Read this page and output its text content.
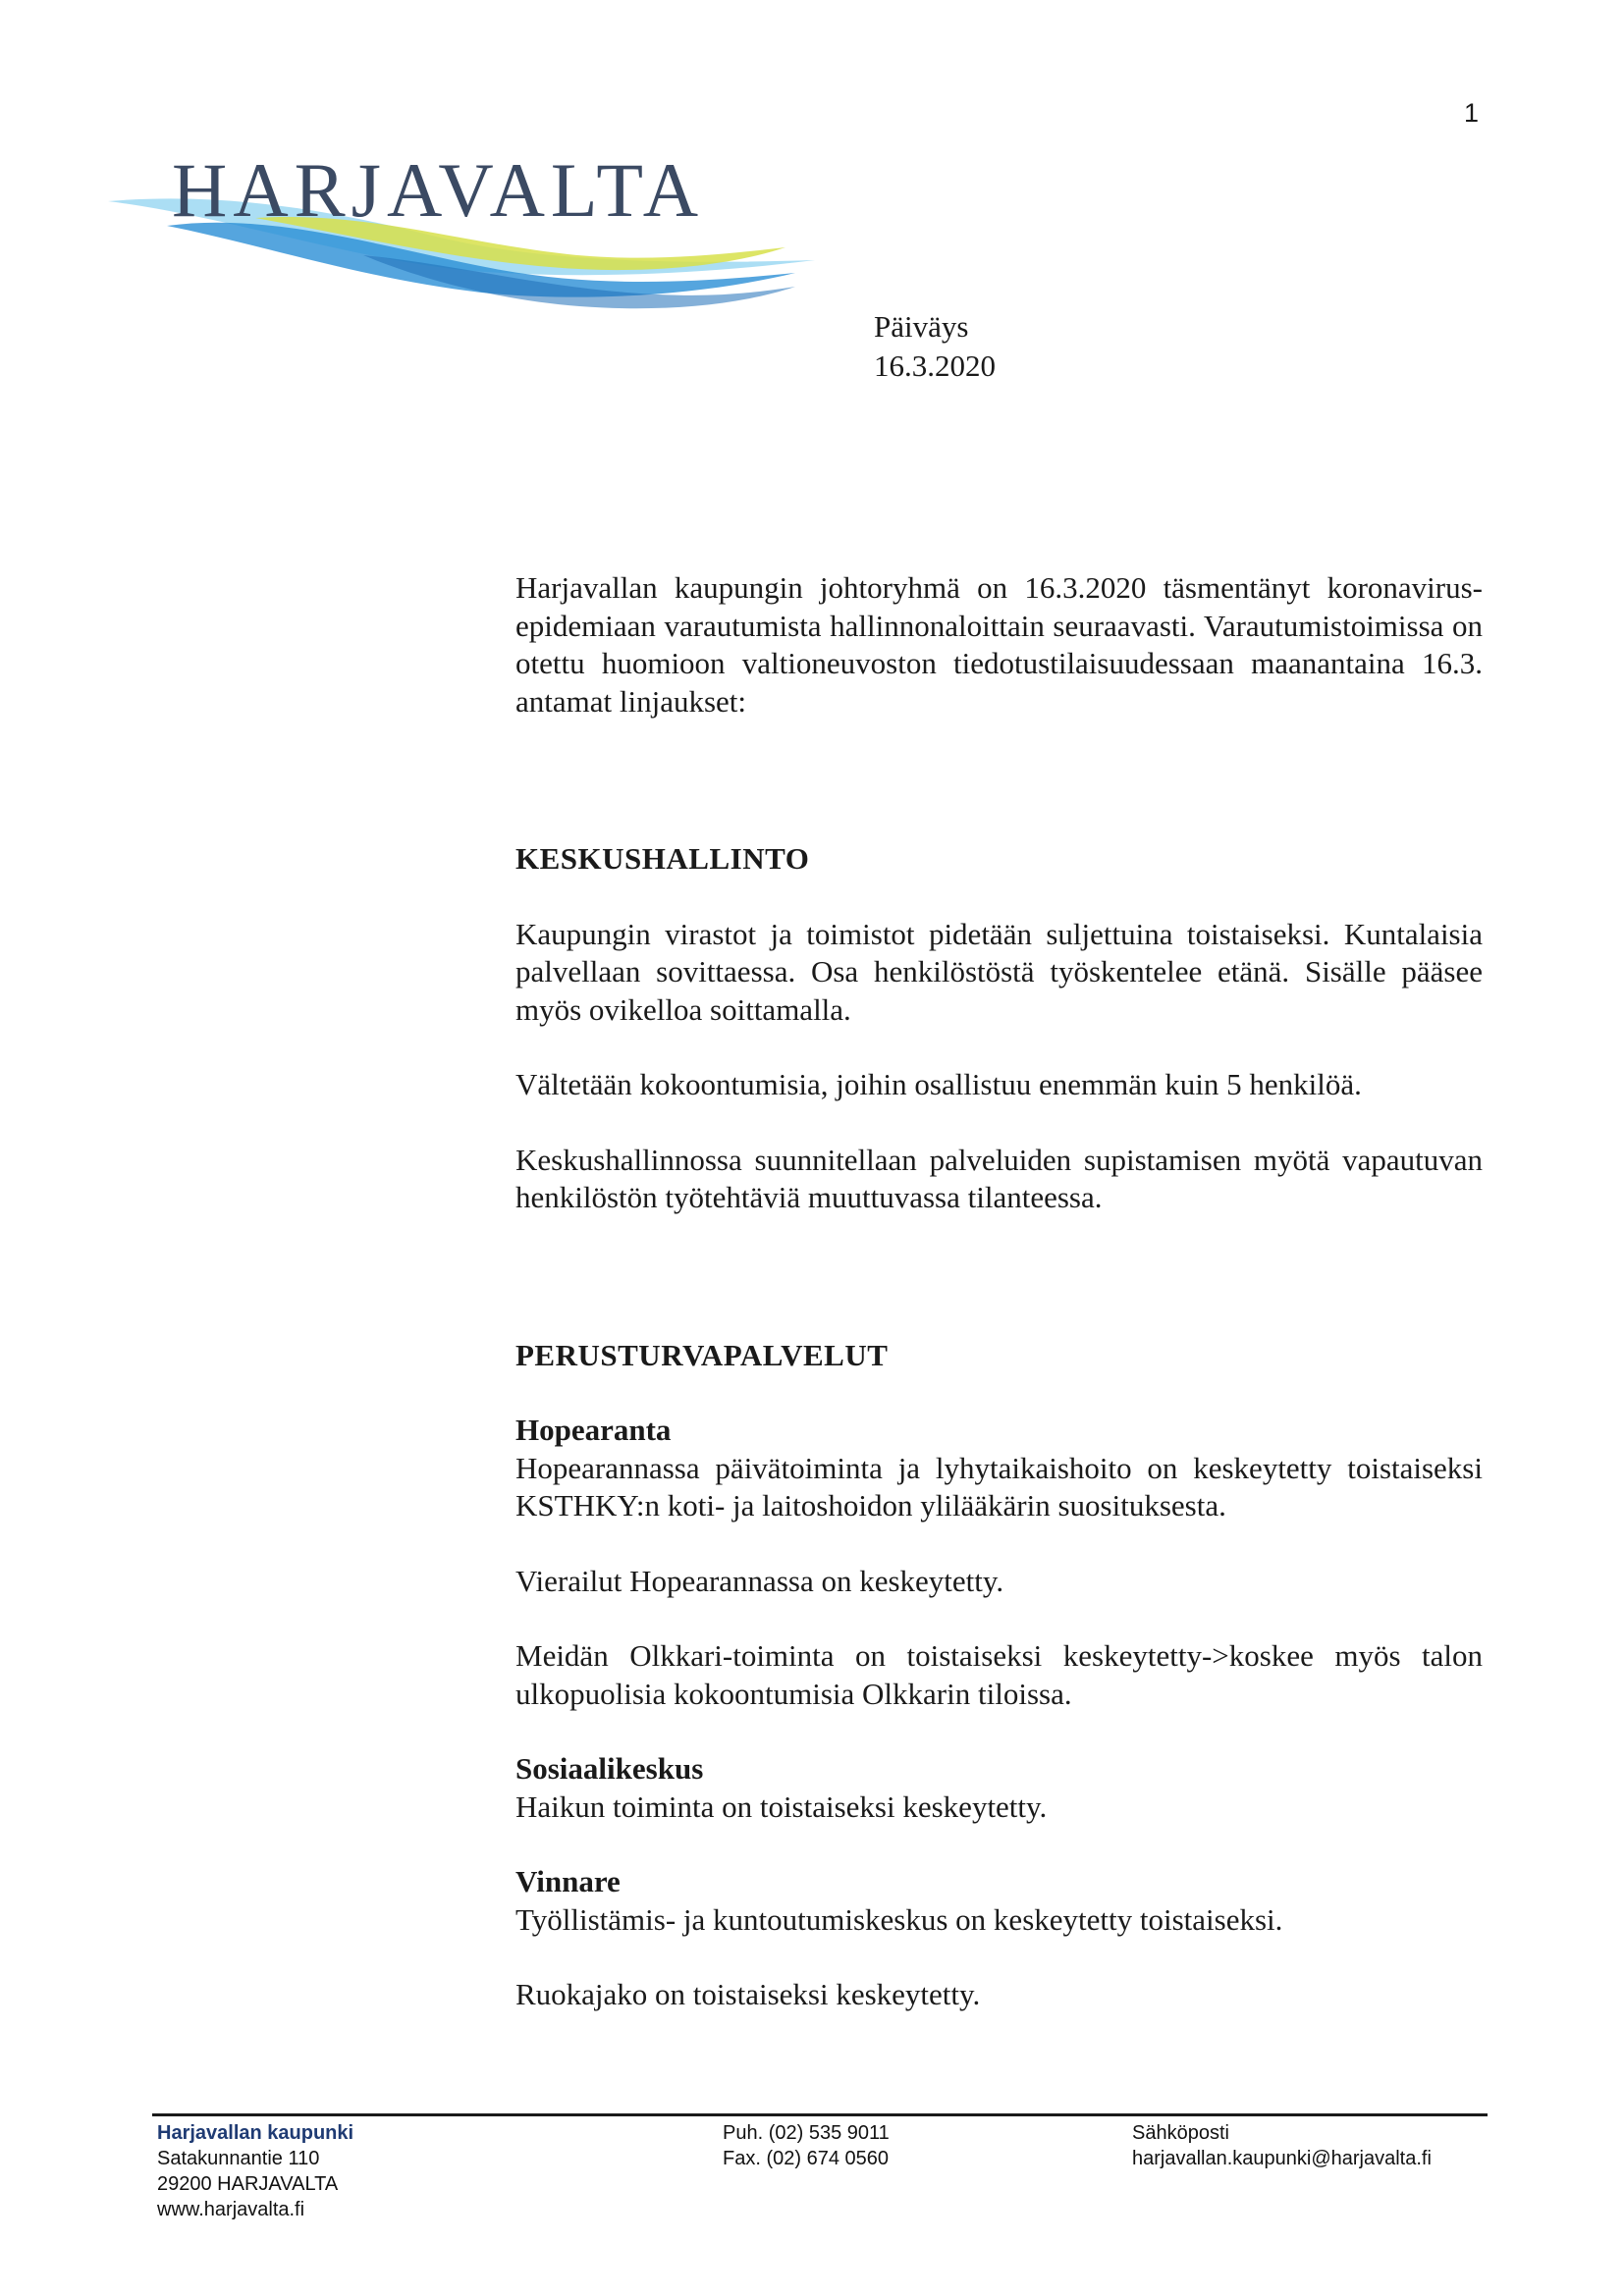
1
HARJAVALTA
Päiväys
16.3.2020

Harjavallan kaupungin johtoryhmä on 16.3.2020 täsmentänyt koronavirus-epidemiaan varautumista hallinnonaloittain seuraavasti. Varautumistoimissa on otettu huomioon valtioneuvoston tiedotustilaisuudessaan maanantaina 16.3. antamat linjaukset:

KESKUSHALLINTO

Kaupungin virastot ja toimistot pidetään suljettuina toistaiseksi. Kuntalaisia palvellaan sovittaessa. Osa henkilöstöstä työskentelee etänä. Sisälle pääsee myös ovikelloa soittamalla.

Vältetään kokoontumisia, joihin osallistuu enemmän kuin 5 henkilöä.

Keskushallinnossa suunnitellaan palveluiden supistamisen myötä vapautuvan henkilöstön työtehtäviä muuttuvassa tilanteessa.

PERUSTURVAPALVELUT

Hopearanta

Hopearannassa päivätoiminta ja lyhytaikaishoito on keskeytetty toistaiseksi KSTHKY:n koti- ja laitoshoidon ylilääkärin suosituksesta.

Vierailut Hopearannassa on keskeytetty.

Meidän Olkkari-toiminta on toistaiseksi keskeytetty->koskee myös talon ulkopuolisia kokoontumisia Olkkarin tiloissa.

Sosiaalikeskus

Haikun toiminta on toistaiseksi keskeytetty.

Vinnare

Työllistämis- ja kuntoutumiskeskus on keskeytetty toistaiseksi.

Ruokajako on toistaiseksi keskeytetty.

Harjavallan kaupunki
Satakunnantie 110
29200 HARJAVALTA
www.harjavalta.fi
Puh. (02) 535 9011
Fax. (02) 674 0560
Sähköposti
harjavallan.kaupunki@harjavalta.fi
